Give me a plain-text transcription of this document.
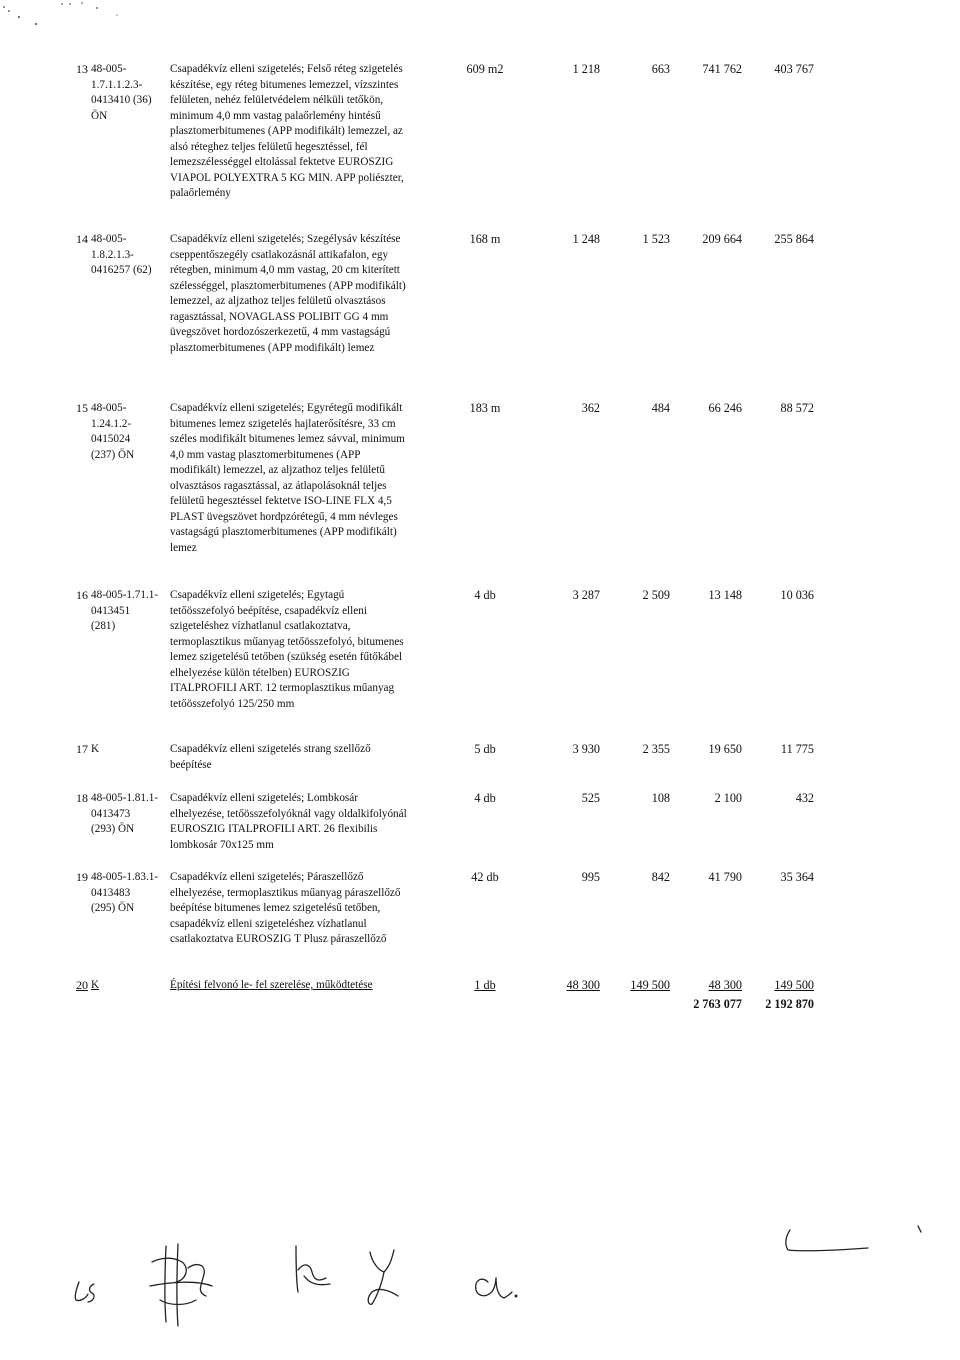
13 48-005-
1.7.1.1.2.3-
0413410 (36)
ÖN
Csapadékvíz elleni szigetelés; Felső réteg szigetelés
készítése, egy réteg bitumenes lemezzel, vízszintes
felületen, nehéz felületvédelem nélküli tetőkön,
minimum 4,0 mm vastag palaőrlemény hintésű
plasztomerbitumenes (APP modifikált) lemezzel, az
alsó réteghez teljes felületű hegesztéssel, fél
lemezszélességgel eltolással fektetve EUROSZIG
VIAPOL POLYEXTRA 5 KG MIN. APP poliészter,
palaőrlemény
609 m2	1 218	663	741 762	403 767
14 48-005-
1.8.2.1.3-
0416257 (62)
Csapadékvíz elleni szigetelés; Szegélysáv készítése
cseppentőszegély csatlakozásnál attikafalon, egy
rétegben, minimum 4,0 mm vastag, 20 cm kiterített
szélességgel, plasztomerbitumenes (APP modifikált)
lemezzel, az aljzathoz teljes felületű olvasztásos
ragasztással, NOVAGLASS POLIBIT GG 4 mm
üvegszövet hordozószerkezetű, 4 mm vastagságú
plasztomerbitumenes (APP modifikált) lemez
168 m	1 248	1 523	209 664	255 864
15 48-005-
1.24.1.2-
0415024
(237) ÖN
Csapadékvíz elleni szigetelés; Egyrétegű modifikált
bitumenes lemez szigetelés hajlaterősítésre, 33 cm
széles modifikált bitumenes lemez sávval, minimum
4,0 mm vastag plasztomerbitumenes (APP
modifikált) lemezzel, az aljzathoz teljes felületű
olvasztásos ragasztással, az átlapolásoknál teljes
felületű hegesztéssel fektetve ISO-LINE FLX 4,5
PLAST üvegszövet hordpzórétegű, 4 mm névleges
vastagságú plasztomerbitumenes (APP modifikált)
lemez
183 m	362	484	66 246	88 572
16 48-005-1.71.1-
0413451
(281)
Csapadékvíz elleni szigetelés; Egytagú
tetőösszefolyó beépítése, csapadékvíz elleni
szigeteléshez vízhatlanul csatlakoztatva,
termoplasztikus műanyag tetőösszefolyó, bitumenes
lemez szigetelésű tetőben (szükség esetén fűtőkábel
elhelyezése külön tételben) EUROSZIG
ITALPROFILI ART. 12 termoplasztikus műanyag
tetőösszefolyó 125/250 mm
4 db	3 287	2 509	13 148	10 036
17 K	Csapadékvíz elleni szigetelés strang szellőző
beépítése
5 db	3 930	2 355	19 650	11 775
18 48-005-1.81.1-
0413473
(293) ÖN
Csapadékvíz elleni szigetelés; Lombkosár
elhelyezése, tetőösszefolyóknál vagy oldalkifolyónál
EUROSZIG ITALPROFILI ART. 26 flexibilis
lombkosár 70x125 mm
4 db	525	108	2 100	432
19 48-005-1.83.1-
0413483
(295) ÖN
Csapadékvíz elleni szigetelés; Páraszellőző
elhelyezése, termoplasztikus műanyag páraszellőző
beépítése bitumenes lemez szigetelésű tetőben,
csapadékvíz elleni szigeteléshez vízhatlanul
csatlakoztatva EUROSZIG T Plusz páraszellőző
42 db	995	842	41 790	35 364
20 K	Építési felvonó le- fel szerelése, működtetése	1 db	48 300	149 500	48 300	149 500
2 763 077	2 192 870
